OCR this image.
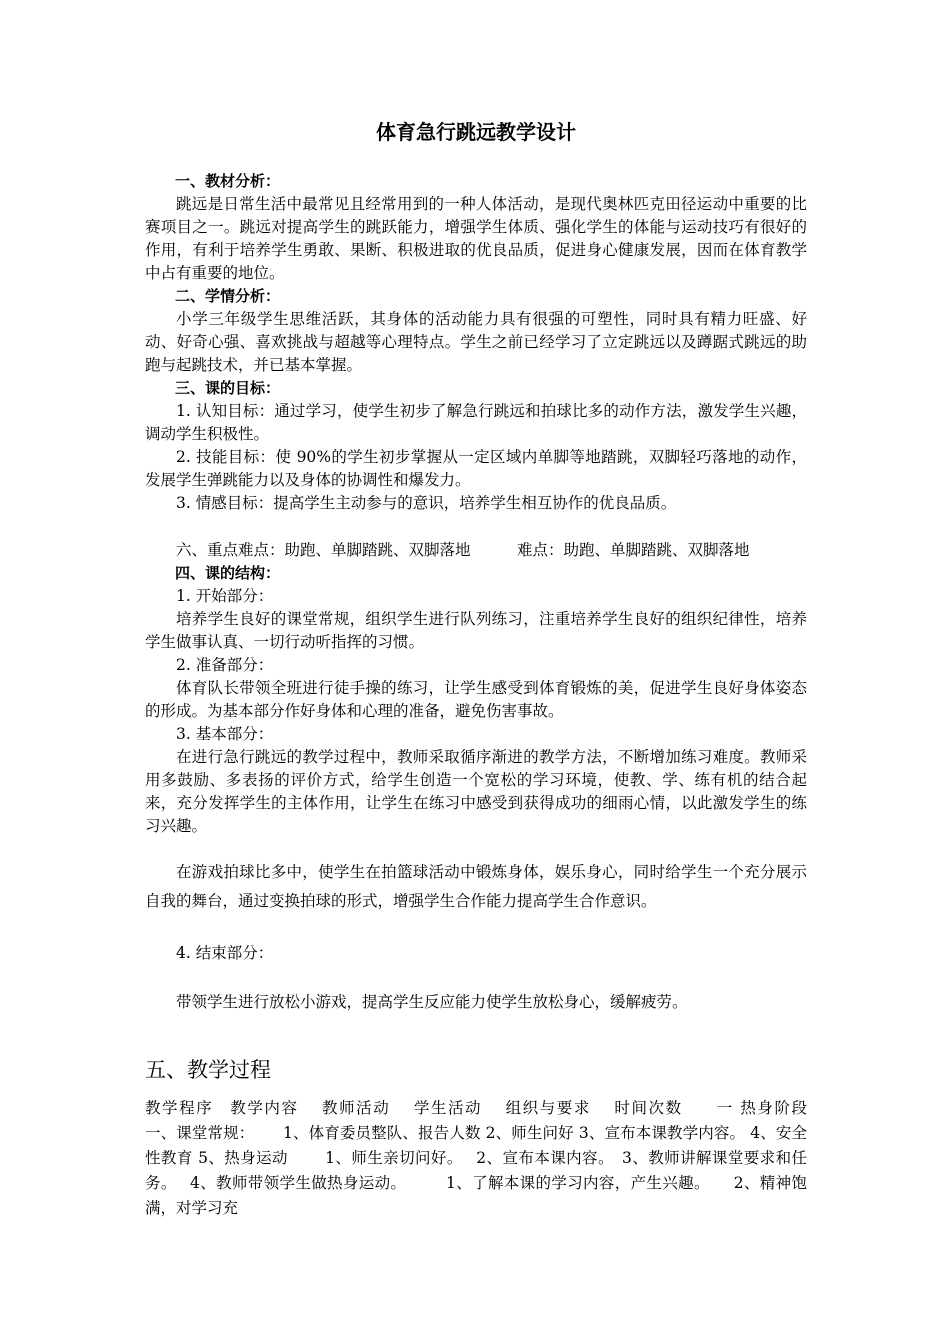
体育急行跳远教学设计

一、教材分析：

跳远是日常生活中最常见且经常用到的一种人体活动，是现代奥林匹克田径运动中重要的比赛项目之一。跳远对提高学生的跳跃能力，增强学生体质、强化学生的体能与运动技巧有很好的作用，有利于培养学生勇敢、果断、积极进取的优良品质，促进身心健康发展，因而在体育教学中占有重要的地位。

二、学情分析：

小学三年级学生思维活跃，其身体的活动能力具有很强的可塑性，同时具有精力旺盛、好动、好奇心强、喜欢挑战与超越等心理特点。学生之前已经学习了立定跳远以及蹲踞式跳远的助跑与起跳技术，并已基本掌握。

三、课的目标：

1. 认知目标：通过学习，使学生初步了解急行跳远和拍球比多的动作方法，激发学生兴趣，调动学生积极性。

2. 技能目标：使 90%的学生初步掌握从一定区域内单脚等地踏跳，双脚轻巧落地的动作，发展学生弹跳能力以及身体的协调性和爆发力。

3. 情感目标：提高学生主动参与的意识，培养学生相互协作的优良品质。

六、重点难点：助跑、单脚踏跳、双脚落地　　　难点：助跑、单脚踏跳、双脚落地

四、课的结构：

1. 开始部分：

培养学生良好的课堂常规，组织学生进行队列练习，注重培养学生良好的组织纪律性，培养学生做事认真、一切行动听指挥的习惯。

2. 准备部分：

体育队长带领全班进行徒手操的练习，让学生感受到体育锻炼的美，促进学生良好身体姿态的形成。为基本部分作好身体和心理的准备，避免伤害事故。

3. 基本部分：

在进行急行跳远的教学过程中，教师采取循序渐进的教学方法，不断增加练习难度。教师采用多鼓励、多表扬的评价方式，给学生创造一个宽松的学习环境，使教、学、练有机的结合起来，充分发挥学生的主体作用，让学生在练习中感受到获得成功的细雨心情，以此激发学生的练习兴趣。

在游戏拍球比多中，使学生在拍篮球活动中锻炼身体，娱乐身心，同时给学生一个充分展示自我的舞台，通过变换拍球的形式，增强学生合作能力提高学生合作意识。

4. 结束部分：

带领学生进行放松小游戏，提高学生反应能力使学生放松身心，缓解疲劳。

五、教学过程
教学程序　教学内容　 教师活动　 学生活动　 组织与要求　 时间次数　　一 热身阶段　　 一、课堂常规：　　 1、体育委员整队、报告人数 2、师生问好 3、宣布本课教学内容。 4、安全性教育 5、热身运动　　 1、师生亲切问好。　 2、宣布本课内容。　3、教师讲解课堂要求和任务。　 4、教师带领学生做热身运动。　　　1、了解本课的学习内容，产生兴趣。　　2、精神饱满，对学习充
